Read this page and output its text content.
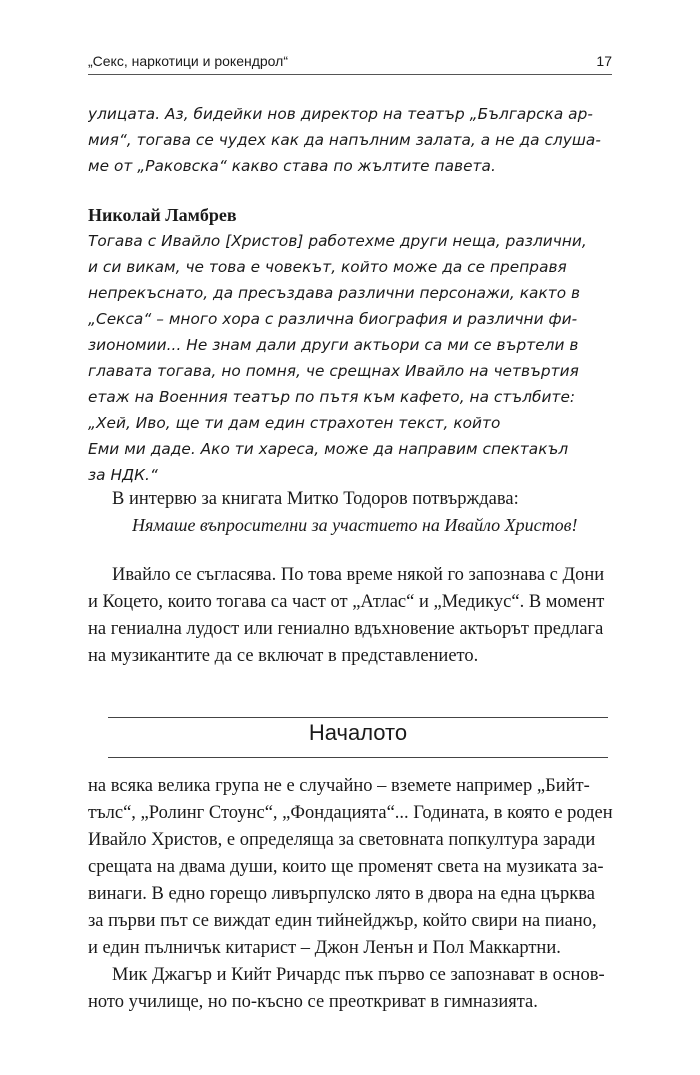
„Секс, наркотици и рокендрол“	17
улицата. Аз, бидейки нов директор на театър „Българска ар-
мия“, тогава се чудех как да напълним залата, а не да слуша-
ме от „Раковска“ какво става по жълтите павета.
Николай Ламбрев
Тогава с Ивайло [Христов] работехме други неща, различни,
и си викам, че това е човекът, който може да се преправя
непрекъснато, да пресъздава различни персонажи, както в
„Секса“ – много хора с различна биография и различни фи-
зиономии... Не знам дали други актьори са ми се въртели в
главата тогава, но помня, че срещнах Ивайло на четвъртия
етаж на Военния театър по пътя към кафето, на стълбите:
„Хей, Иво, ще ти дам един страхотен текст, който
Еми ми даде. Ако ти хареса, може да направим спектакъл
за НДК.“
В интервю за книгата Митко Тодоров потвърждава:
Нямаше въпросителни за участието на Ивайло Христов!
Ивайло се съгласява. По това време някой го запознава с Дони
и Коцето, които тогава са част от „Атлас“ и „Медикус“. В момент
на гениална лудост или гениално вдъхновение актьорът предлага
на музикантите да се включат в представлението.
Началото
на всяка велика група не е случайно – вземете например „Бийт-
тълс“, „Ролинг Стоунс“, „Фондацията“... Годината, в която е роден
Ивайло Христов, е определяща за световната попкултура заради
срещата на двама души, които ще променят света на музиката за-
винаги. В едно горещо ливърпулско лято в двора на една църква
за първи път се виждат един тийнейджър, който свири на пиано,
и един пълничък китарист – Джон Ленън и Пол Маккартни.
Мик Джагър и Кийт Ричардс пък първо се запознават в основ-
ното училище, но по-късно се преоткриват в гимназията.
